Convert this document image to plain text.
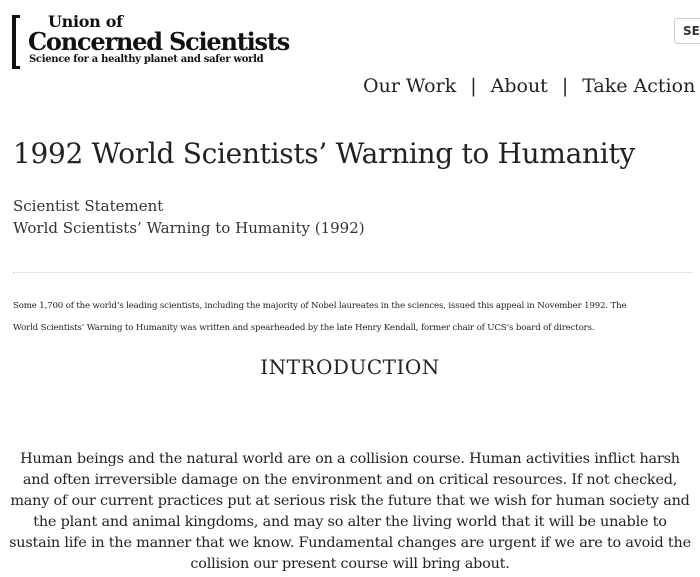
Union of
Concerned Scientists
Science for a healthy planet and safer world
SE
Our Work | About | Take Action
1992 World Scientists’ Warning to Humanity
Scientist Statement
World Scientists’ Warning to Humanity (1992)
Some 1,700 of the world’s leading scientists, including the majority of Nobel laureates in the sciences, issued this appeal in November 1992. The
World Scientists’ Warning to Humanity was written and spearheaded by the late Henry Kendall, former chair of UCS’s board of directors.
INTRODUCTION
Human beings and the natural world are on a collision course. Human activities inflict harsh
and often irreversible damage on the environment and on critical resources. If not checked,
many of our current practices put at serious risk the future that we wish for human society and
the plant and animal kingdoms, and may so alter the living world that it will be unable to
sustain life in the manner that we know. Fundamental changes are urgent if we are to avoid the
collision our present course will bring about.
